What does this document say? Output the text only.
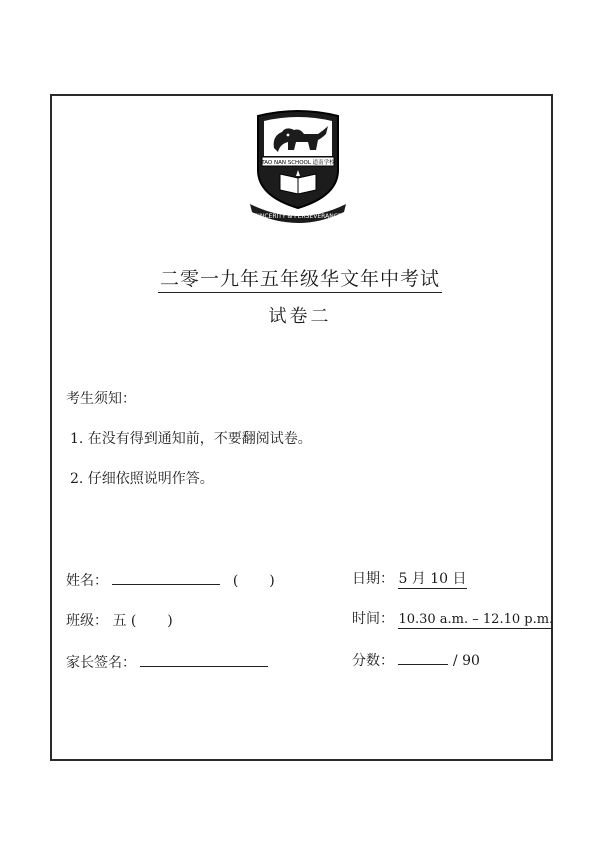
TAO NAN SCHOOL 道南学校
SINCERITY & PERSEVERANCE
二零一九年五年级华文年中考试
试卷二
考生须知：
1. 在没有得到通知前，不要翻阅试卷。
2. 仔细依照说明作答。
姓名：	( )
班级： 五 ( )
家长签名：
日期： 5 月 10 日
时间： 10.30 a.m. – 12.10 p.m.
分数：	/ 90
